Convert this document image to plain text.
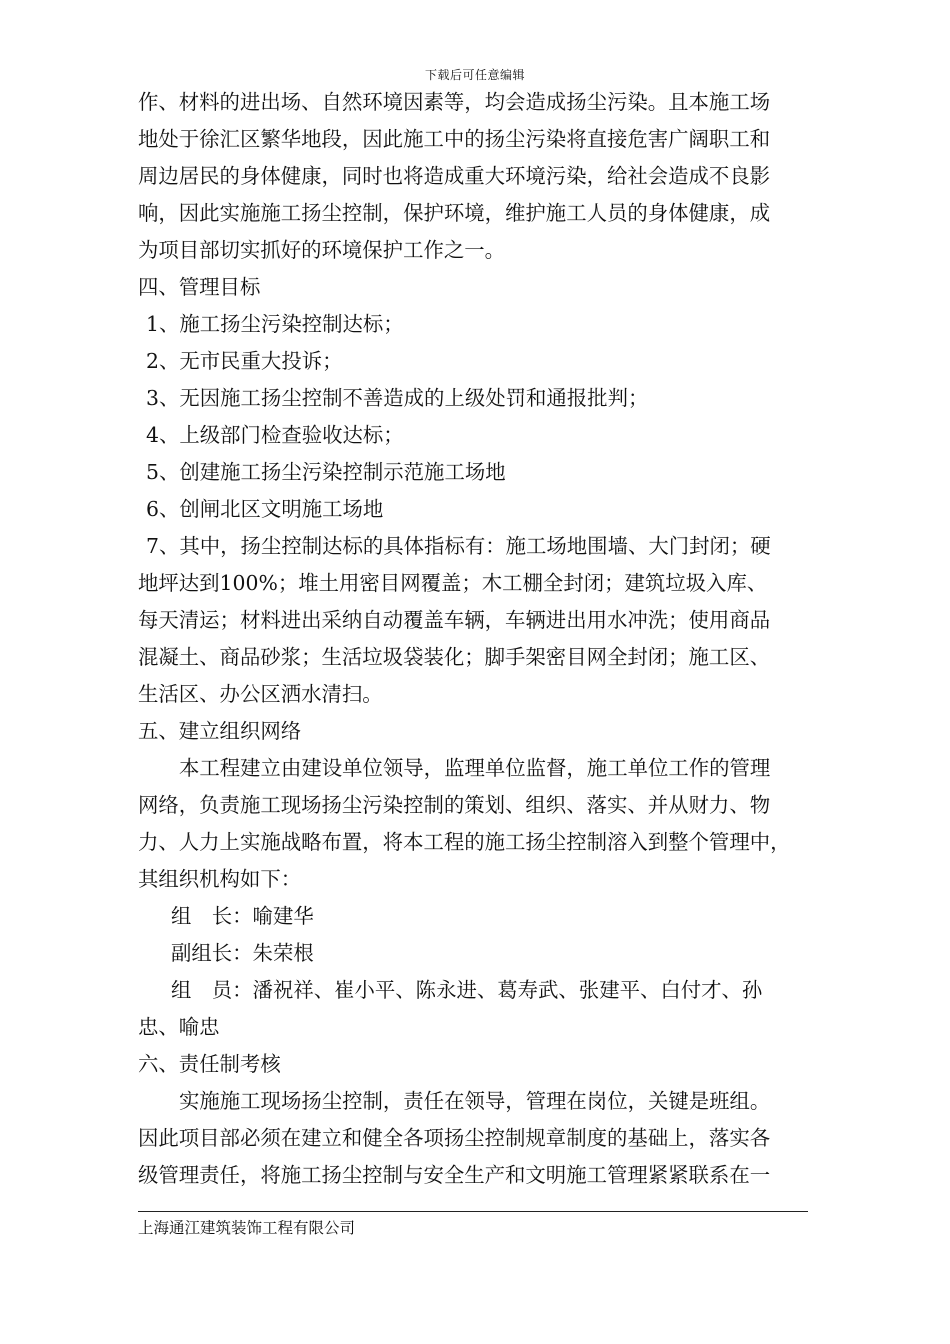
下载后可任意编辑
作、材料的进出场、自然环境因素等，均会造成扬尘污染。且本施工场
地处于徐汇区繁华地段，因此施工中的扬尘污染将直接危害广阔职工和
周边居民的身体健康，同时也将造成重大环境污染，给社会造成不良影
响，因此实施施工扬尘控制，保护环境，维护施工人员的身体健康，成
为项目部切实抓好的环境保护工作之一。
四、管理目标
1、施工扬尘污染控制达标；
2、无市民重大投诉；
3、无因施工扬尘控制不善造成的上级处罚和通报批判；
4、上级部门检查验收达标；
5、创建施工扬尘污染控制示范施工场地
6、创闸北区文明施工场地
7、其中，扬尘控制达标的具体指标有：施工场地围墙、大门封闭；硬
地坪达到100%；堆土用密目网覆盖；木工棚全封闭；建筑垃圾入库、
每天清运；材料进出采纳自动覆盖车辆，车辆进出用水冲洗；使用商品
混凝土、商品砂浆；生活垃圾袋装化；脚手架密目网全封闭；施工区、
生活区、办公区洒水清扫。
五、建立组织网络
本工程建立由建设单位领导，监理单位监督，施工单位工作的管理
网络，负责施工现场扬尘污染控制的策划、组织、落实、并从财力、物
力、人力上实施战略布置，将本工程的施工扬尘控制溶入到整个管理中，
其组织机构如下：
组　长：喻建华
副组长：朱荣根
组　员：潘祝祥、崔小平、陈永进、葛寿武、张建平、白付才、孙
忠、喻忠
六、责任制考核
实施施工现场扬尘控制，责任在领导，管理在岗位，关键是班组。
因此项目部必须在建立和健全各项扬尘控制规章制度的基础上，落实各
级管理责任，将施工扬尘控制与安全生产和文明施工管理紧紧联系在一
上海通江建筑装饰工程有限公司
